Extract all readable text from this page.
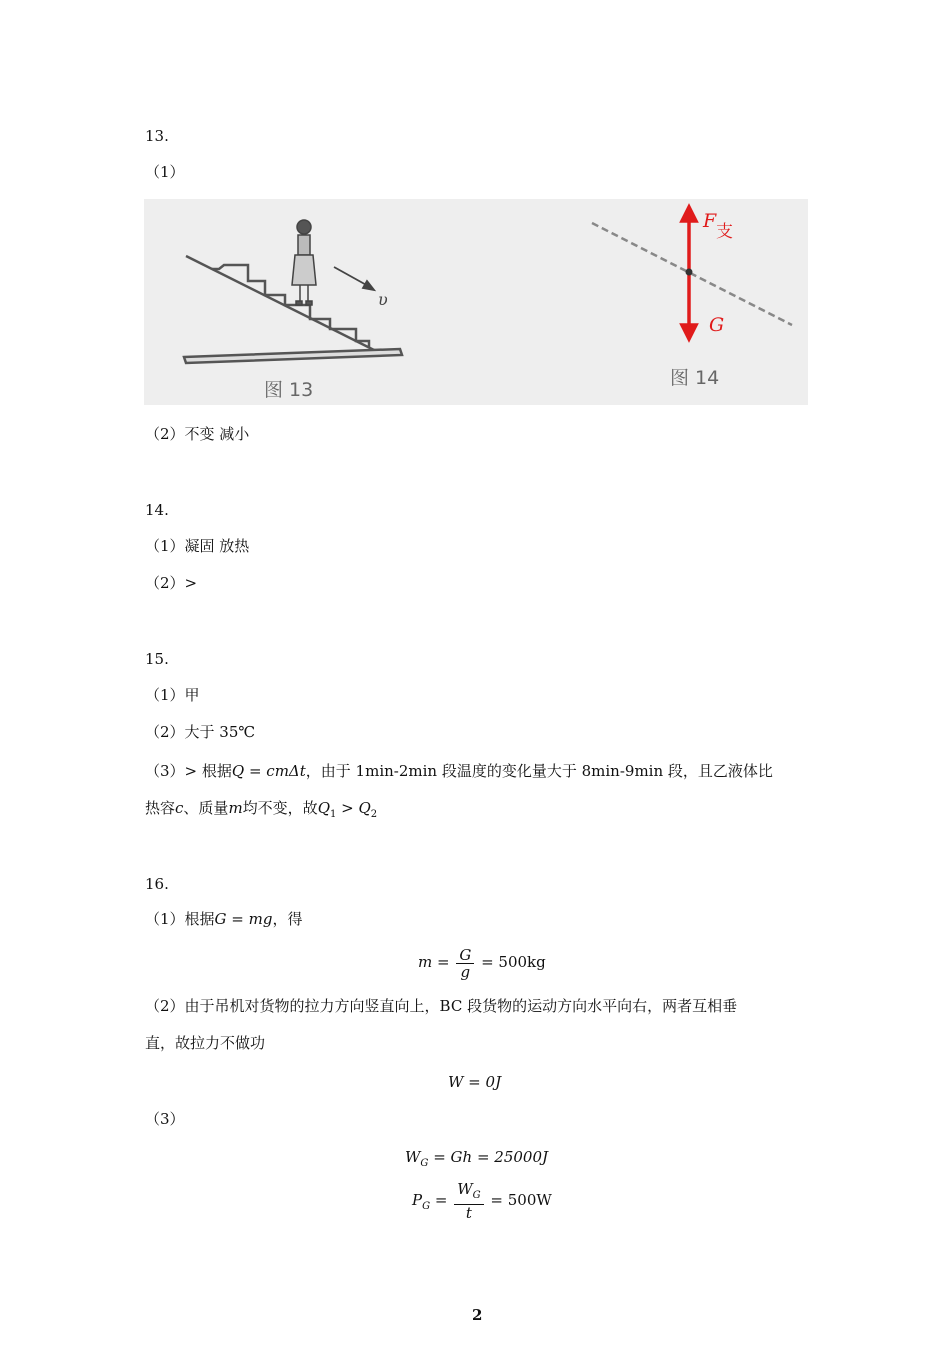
13.
（1）
υ
F 支
G
图 13
图 14
（2）不变 减小
14.
（1）凝固 放热
（2）>
15.
（1）甲
（2）大于 35℃
（3）> 根据Q = cmΔt，由于 1min-2min 段温度的变化量大于 8min-9min 段，且乙液体比
热容c、质量m均不变，故$Q_1 > Q_2$
16.
（1）根据G = mg，得
$m = \frac{G}{g} = 500kg$
（2）由于吊机对货物的拉力方向竖直向上，BC 段货物的运动方向水平向右，两者互相垂
直，故拉力不做功
W = 0J
（3）
$W_G = Gh = 25000J$
$P_G = \frac{W_G}{t} = 500W$
2
